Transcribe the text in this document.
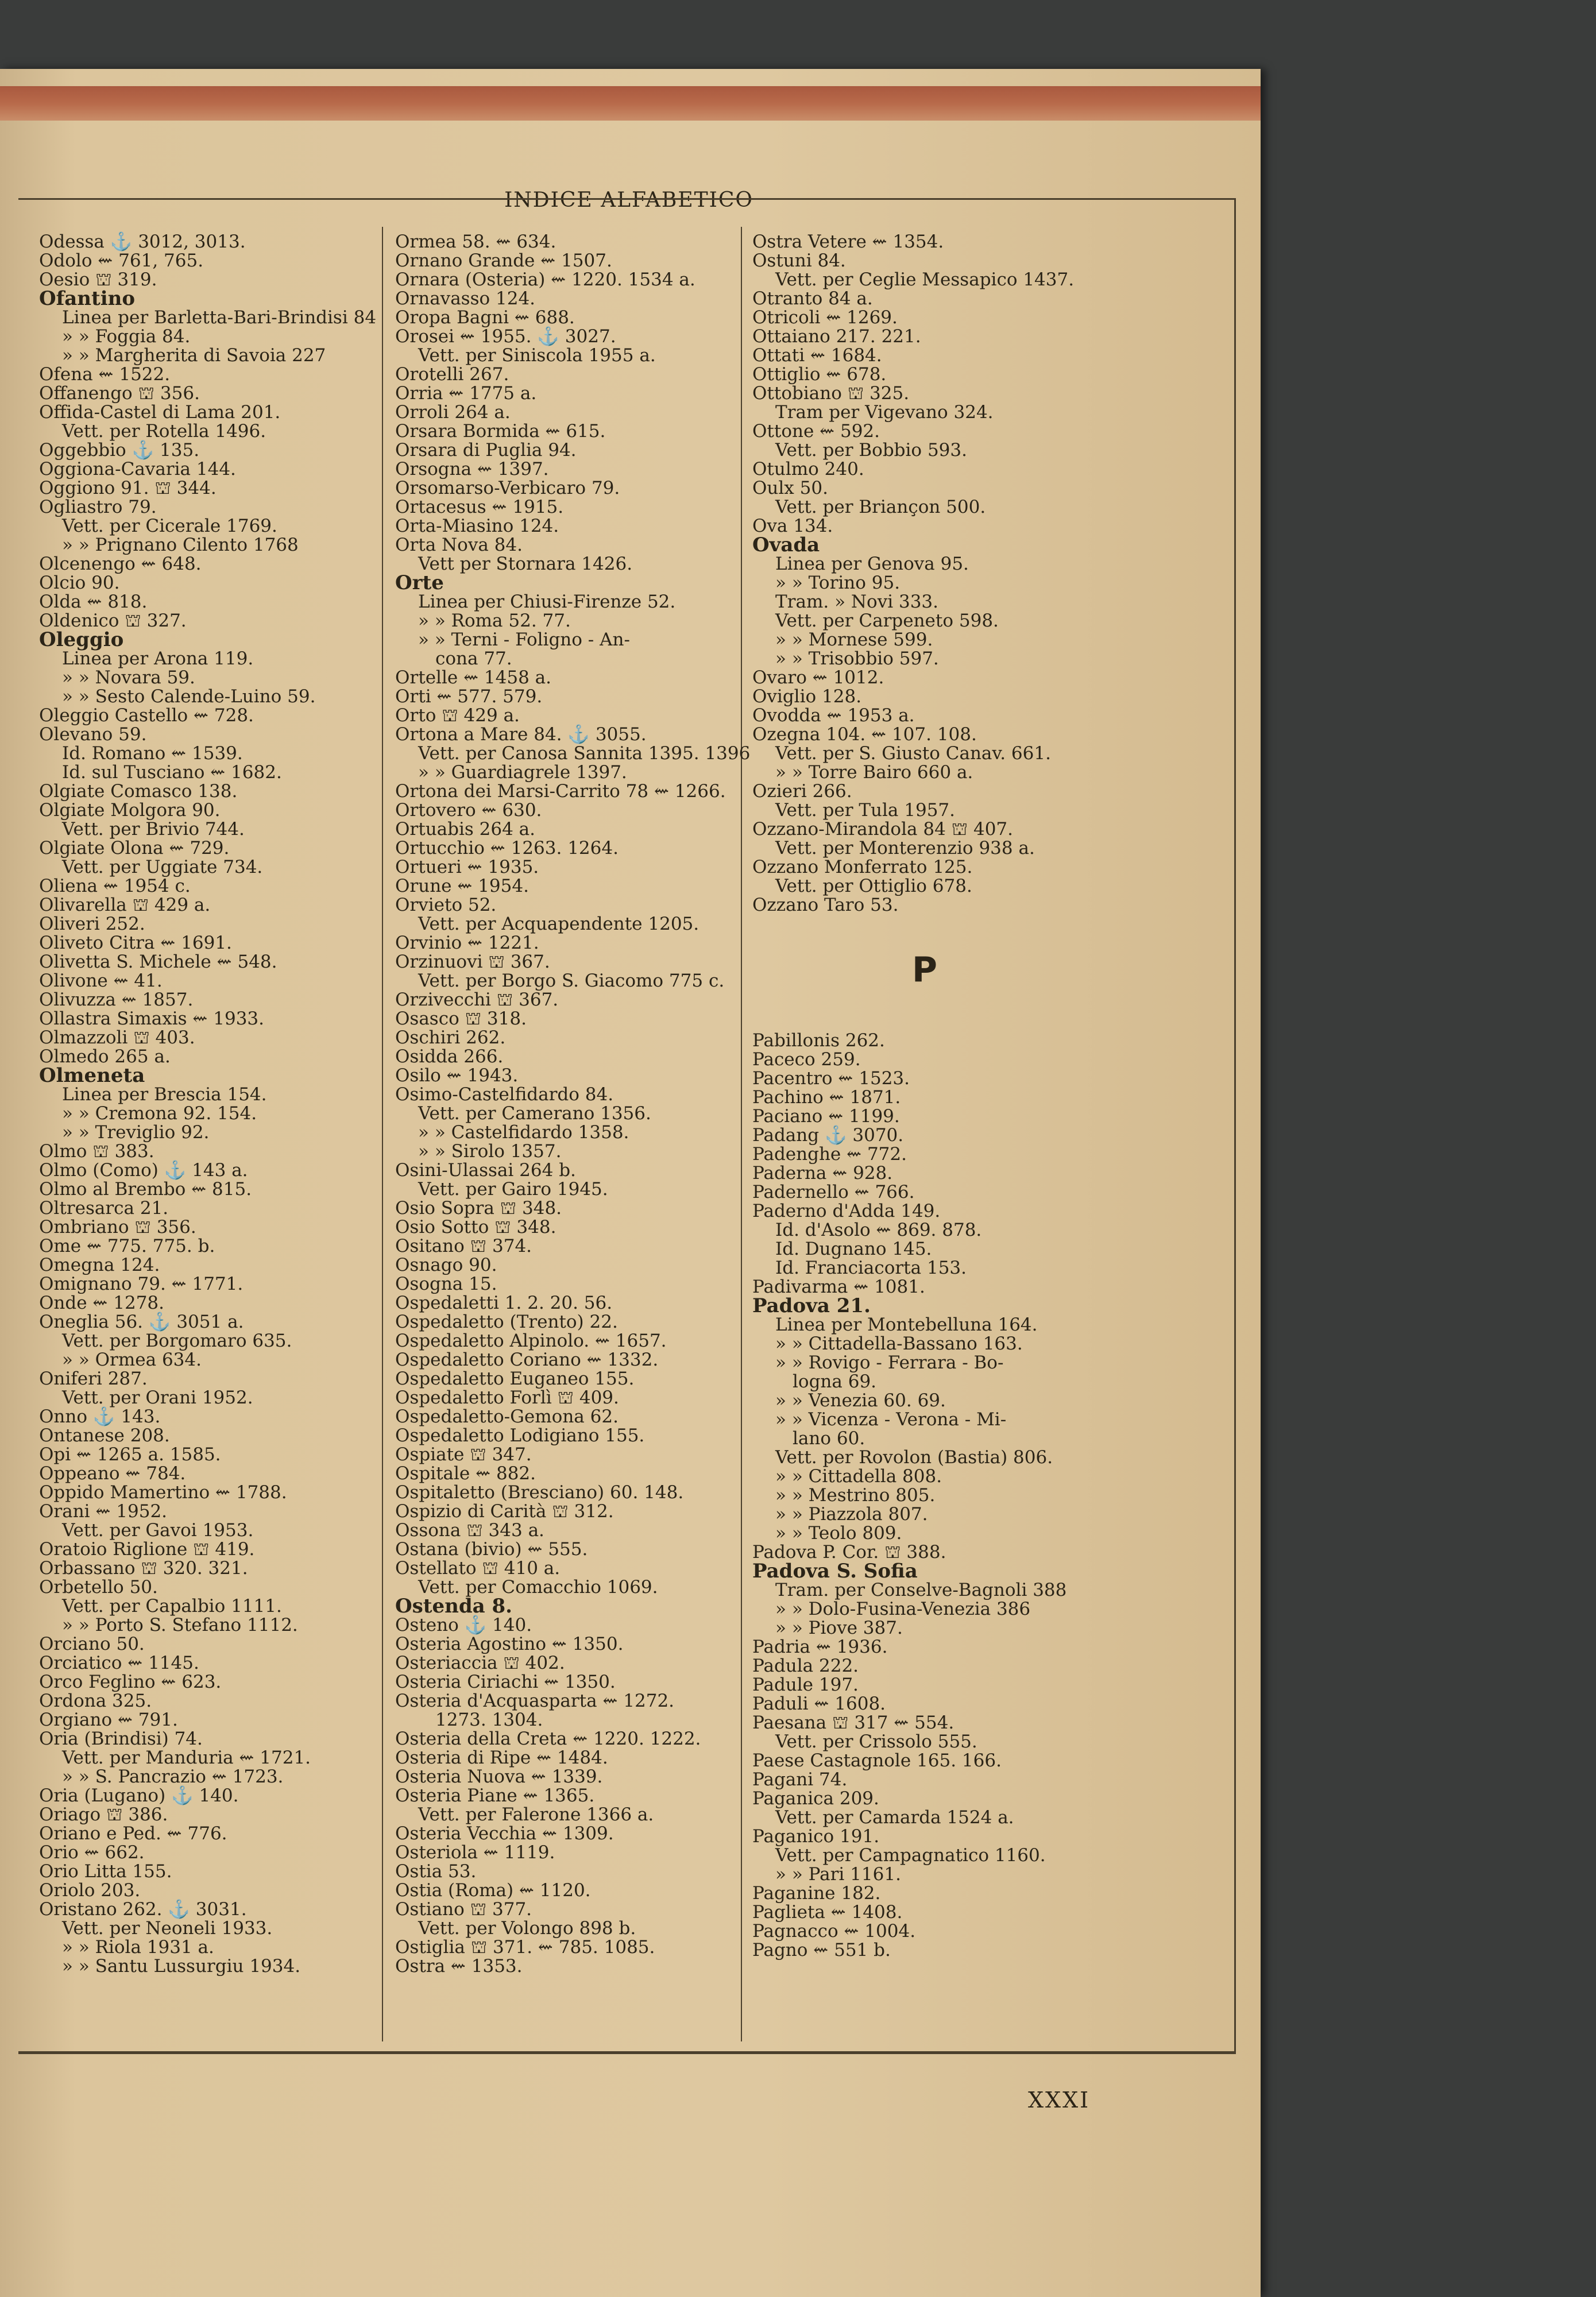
INDICE ALFABETICO
Odessa ⚓ 3012, 3013.
Odolo ⇜ 761, 765.
Oesio ⛫ 319.
Ofantino
Linea per Barletta-Bari-Brindisi 84
» » Foggia 84.
» » Margherita di Savoia 227
Ofena ⇜ 1522.
Offanengo ⛫ 356.
Offida-Castel di Lama 201.
Vett. per Rotella 1496.
Oggebbio ⚓ 135.
Oggiona-Cavaria 144.
Oggiono 91. ⛫ 344.
Ogliastro 79.
Vett. per Cicerale 1769.
» » Prignano Cilento 1768
Olcenengo ⇜ 648.
Olcio 90.
Olda ⇜ 818.
Oldenico ⛫ 327.
Oleggio
Linea per Arona 119.
» » Novara 59.
» » Sesto Calende-Luino 59.
Oleggio Castello ⇜ 728.
Olevano 59.
Id. Romano ⇜ 1539.
Id. sul Tusciano ⇜ 1682.
Olgiate Comasco 138.
Olgiate Molgora 90.
Vett. per Brivio 744.
Olgiate Olona ⇜ 729.
Vett. per Uggiate 734.
Oliena ⇜ 1954 c.
Olivarella ⛫ 429 a.
Oliveri 252.
Oliveto Citra ⇜ 1691.
Olivetta S. Michele ⇜ 548.
Olivone ⇜ 41.
Olivuzza ⇜ 1857.
Ollastra Simaxis ⇜ 1933.
Olmazzoli ⛫ 403.
Olmedo 265 a.
Olmeneta
Linea per Brescia 154.
» » Cremona 92. 154.
» » Treviglio 92.
Olmo ⛫ 383.
Olmo (Como) ⚓ 143 a.
Olmo al Brembo ⇜ 815.
Oltresarca 21.
Ombriano ⛫ 356.
Ome ⇜ 775. 775. b.
Omegna 124.
Omignano 79. ⇜ 1771.
Onde ⇜ 1278.
Oneglia 56. ⚓ 3051 a.
Vett. per Borgomaro 635.
» » Ormea 634.
Oniferi 287.
Vett. per Orani 1952.
Onno ⚓ 143.
Ontanese 208.
Opi ⇜ 1265 a. 1585.
Oppeano ⇜ 784.
Oppido Mamertino ⇜ 1788.
Orani ⇜ 1952.
Vett. per Gavoi 1953.
Oratoio Riglione ⛫ 419.
Orbassano ⛫ 320. 321.
Orbetello 50.
Vett. per Capalbio 1111.
» » Porto S. Stefano 1112.
Orciano 50.
Orciatico ⇜ 1145.
Orco Feglino ⇜ 623.
Ordona 325.
Orgiano ⇜ 791.
Oria (Brindisi) 74.
Vett. per Manduria ⇜ 1721.
» » S. Pancrazio ⇜ 1723.
Oria (Lugano) ⚓ 140.
Oriago ⛫ 386.
Oriano e Ped. ⇜ 776.
Orio ⇜ 662.
Orio Litta 155.
Oriolo 203.
Oristano 262. ⚓ 3031.
Vett. per Neoneli 1933.
» » Riola 1931 a.
» » Santu Lussurgiu 1934.
Ormea 58. ⇜ 634.
Ornano Grande ⇜ 1507.
Ornara (Osteria) ⇜ 1220. 1534 a.
Ornavasso 124.
Oropa Bagni ⇜ 688.
Orosei ⇜ 1955. ⚓ 3027.
Vett. per Siniscola 1955 a.
Orotelli 267.
Orria ⇜ 1775 a.
Orroli 264 a.
Orsara Bormida ⇜ 615.
Orsara di Puglia 94.
Orsogna ⇜ 1397.
Orsomarso-Verbicaro 79.
Ortacesus ⇜ 1915.
Orta-Miasino 124.
Orta Nova 84.
Vett per Stornara 1426.
Orte
Linea per Chiusi-Firenze 52.
» » Roma 52. 77.
» » Terni - Foligno - An-
cona 77.
Ortelle ⇜ 1458 a.
Orti ⇜ 577. 579.
Orto ⛫ 429 a.
Ortona a Mare 84. ⚓ 3055.
Vett. per Canosa Sannita 1395. 1396
» » Guardiagrele 1397.
Ortona dei Marsi-Carrito 78 ⇜ 1266.
Ortovero ⇜ 630.
Ortuabis 264 a.
Ortucchio ⇜ 1263. 1264.
Ortueri ⇜ 1935.
Orune ⇜ 1954.
Orvieto 52.
Vett. per Acquapendente 1205.
Orvinio ⇜ 1221.
Orzinuovi ⛫ 367.
Vett. per Borgo S. Giacomo 775 c.
Orzivecchi ⛫ 367.
Osasco ⛫ 318.
Oschiri 262.
Osidda 266.
Osilo ⇜ 1943.
Osimo-Castelfidardo 84.
Vett. per Camerano 1356.
» » Castelfidardo 1358.
» » Sirolo 1357.
Osini-Ulassai 264 b.
Vett. per Gairo 1945.
Osio Sopra ⛫ 348.
Osio Sotto ⛫ 348.
Ositano ⛫ 374.
Osnago 90.
Osogna 15.
Ospedaletti 1. 2. 20. 56.
Ospedaletto (Trento) 22.
Ospedaletto Alpinolo. ⇜ 1657.
Ospedaletto Coriano ⇜ 1332.
Ospedaletto Euganeo 155.
Ospedaletto Forlì ⛫ 409.
Ospedaletto-Gemona 62.
Ospedaletto Lodigiano 155.
Ospiate ⛫ 347.
Ospitale ⇜ 882.
Ospitaletto (Bresciano) 60. 148.
Ospizio di Carità ⛫ 312.
Ossona ⛫ 343 a.
Ostana (bivio) ⇜ 555.
Ostellato ⛫ 410 a.
Vett. per Comacchio 1069.
Ostenda 8.
Osteno ⚓ 140.
Osteria Agostino ⇜ 1350.
Osteriaccia ⛫ 402.
Osteria Ciriachi ⇜ 1350.
Osteria d'Acquasparta ⇜ 1272.
1273. 1304.
Osteria della Creta ⇜ 1220. 1222.
Osteria di Ripe ⇜ 1484.
Osteria Nuova ⇜ 1339.
Osteria Piane ⇜ 1365.
Vett. per Falerone 1366 a.
Osteria Vecchia ⇜ 1309.
Osteriola ⇜ 1119.
Ostia 53.
Ostia (Roma) ⇜ 1120.
Ostiano ⛫ 377.
Vett. per Volongo 898 b.
Ostiglia ⛫ 371. ⇜ 785. 1085.
Ostra ⇜ 1353.
Ostra Vetere ⇜ 1354.
Ostuni 84.
Vett. per Ceglie Messapico 1437.
Otranto 84 a.
Otricoli ⇜ 1269.
Ottaiano 217. 221.
Ottati ⇜ 1684.
Ottiglio ⇜ 678.
Ottobiano ⛫ 325.
Tram per Vigevano 324.
Ottone ⇜ 592.
Vett. per Bobbio 593.
Otulmo 240.
Oulx 50.
Vett. per Briançon 500.
Ova 134.
Ovada
Linea per Genova 95.
» » Torino 95.
Tram. » Novi 333.
Vett. per Carpeneto 598.
» » Mornese 599.
» » Trisobbio 597.
Ovaro ⇜ 1012.
Oviglio 128.
Ovodda ⇜ 1953 a.
Ozegna 104. ⇜ 107. 108.
Vett. per S. Giusto Canav. 661.
» » Torre Bairo 660 a.
Ozieri 266.
Vett. per Tula 1957.
Ozzano-Mirandola 84 ⛫ 407.
Vett. per Monterenzio 938 a.
Ozzano Monferrato 125.
Vett. per Ottiglio 678.
Ozzano Taro 53.
P
Pabillonis 262.
Paceco 259.
Pacentro ⇜ 1523.
Pachino ⇜ 1871.
Paciano ⇜ 1199.
Padang ⚓ 3070.
Padenghe ⇜ 772.
Paderna ⇜ 928.
Padernello ⇜ 766.
Paderno d'Adda 149.
Id. d'Asolo ⇜ 869. 878.
Id. Dugnano 145.
Id. Franciacorta 153.
Padivarma ⇜ 1081.
Padova 21.
Linea per Montebelluna 164.
» » Cittadella-Bassano 163.
» » Rovigo - Ferrara - Bo-
logna 69.
» » Venezia 60. 69.
» » Vicenza - Verona - Mi-
lano 60.
Vett. per Rovolon (Bastia) 806.
» » Cittadella 808.
» » Mestrino 805.
» » Piazzola 807.
» » Teolo 809.
Padova P. Cor. ⛫ 388.
Padova S. Sofia
Tram. per Conselve-Bagnoli 388
» » Dolo-Fusina-Venezia 386
» » Piove 387.
Padria ⇜ 1936.
Padula 222.
Padule 197.
Paduli ⇜ 1608.
Paesana ⛫ 317 ⇜ 554.
Vett. per Crissolo 555.
Paese Castagnole 165. 166.
Pagani 74.
Paganica 209.
Vett. per Camarda 1524 a.
Paganico 191.
Vett. per Campagnatico 1160.
» » Pari 1161.
Paganine 182.
Paglieta ⇜ 1408.
Pagnacco ⇜ 1004.
Pagno ⇜ 551 b.
XXXI
